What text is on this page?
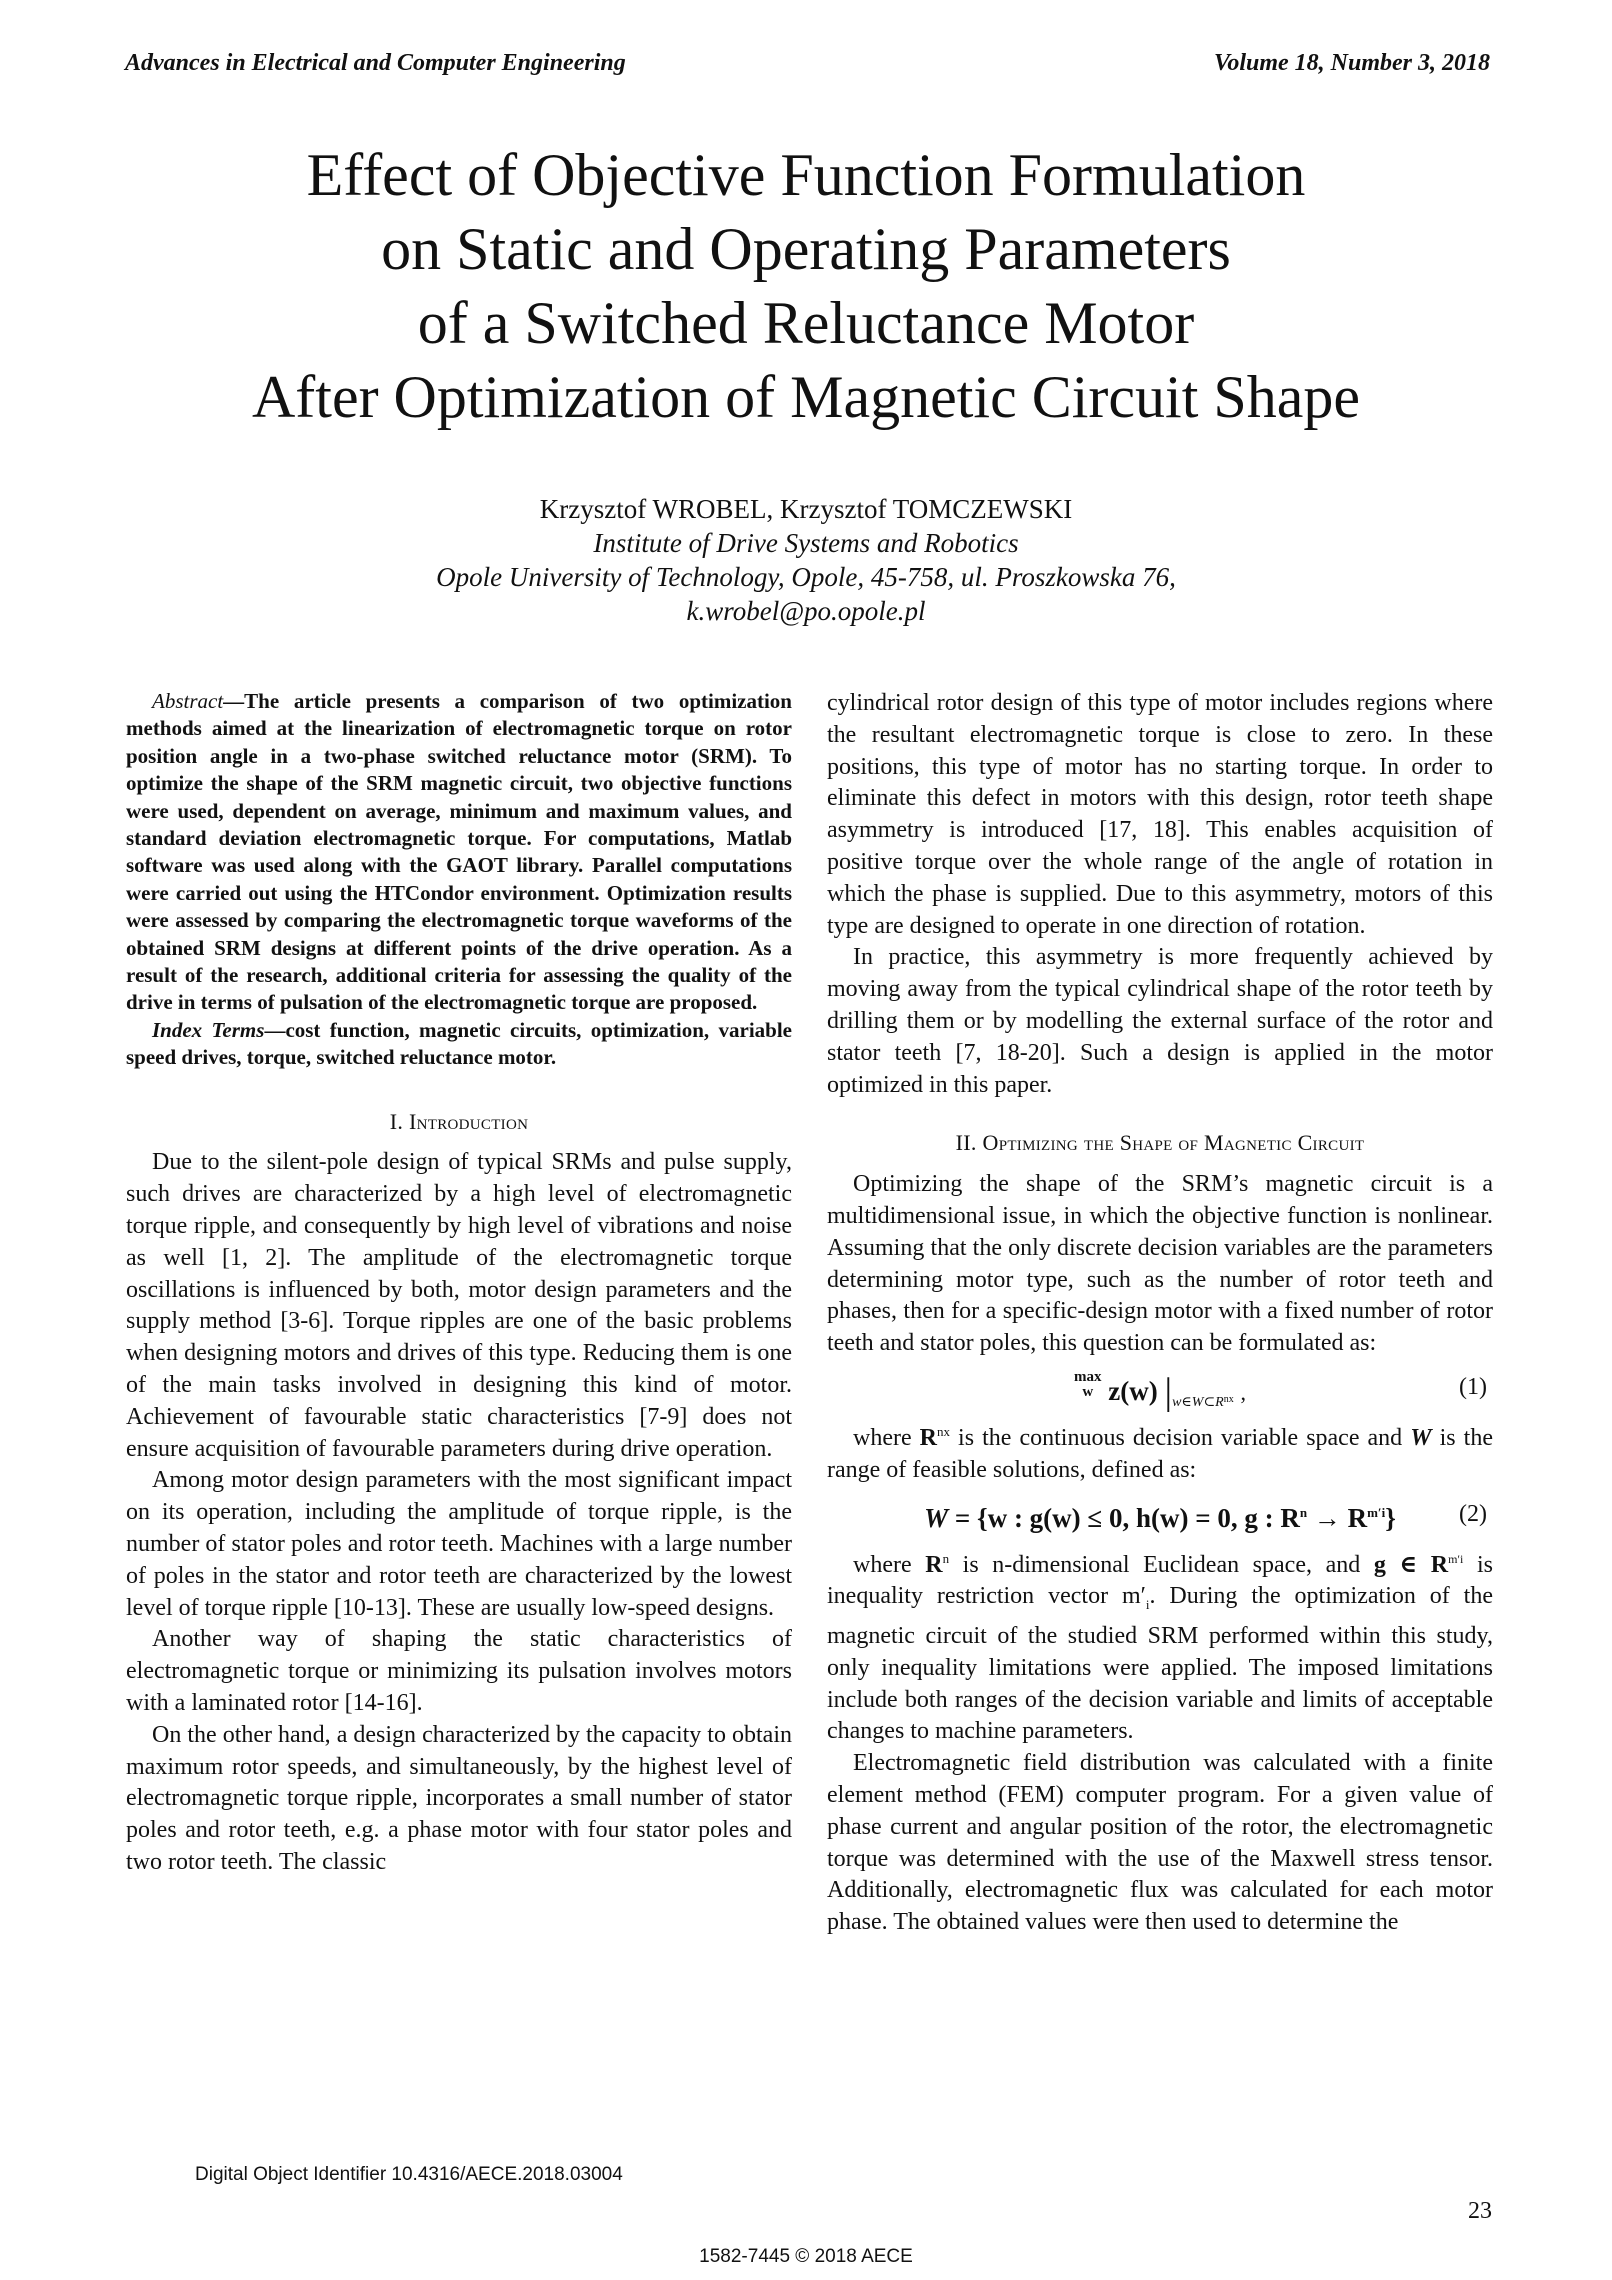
Advances in Electrical and Computer Engineering	Volume 18, Number 3, 2018
Effect of Objective Function Formulation
on Static and Operating Parameters
of a Switched Reluctance Motor
After Optimization of Magnetic Circuit Shape
Krzysztof WROBEL, Krzysztof TOMCZEWSKI
Institute of Drive Systems and Robotics
Opole University of Technology, Opole, 45-758, ul. Proszkowska 76,
k.wrobel@po.opole.pl

Abstract—The article presents a comparison of two optimization methods aimed at the linearization of electromagnetic torque on rotor position angle in a two-phase switched reluctance motor (SRM). To optimize the shape of the SRM magnetic circuit, two objective functions were used, dependent on average, minimum and maximum values, and standard deviation electromagnetic torque. For computations, Matlab software was used along with the GAOT library. Parallel computations were carried out using the HTCondor environment. Optimization results were assessed by comparing the electromagnetic torque waveforms of the obtained SRM designs at different points of the drive operation. As a result of the research, additional criteria for assessing the quality of the drive in terms of pulsation of the electromagnetic torque are proposed.

Index Terms—cost function, magnetic circuits, optimization, variable speed drives, torque, switched reluctance motor.

I. Introduction

Due to the silent-pole design of typical SRMs and pulse supply, such drives are characterized by a high level of electromagnetic torque ripple, and consequently by high level of vibrations and noise as well [1, 2]. The amplitude of the electromagnetic torque oscillations is influenced by both, motor design parameters and the supply method [3-6]. Torque ripples are one of the basic problems when designing motors and drives of this type. Reducing them is one of the main tasks involved in designing this kind of motor. Achievement of favourable static characteristics [7-9] does not ensure acquisition of favourable parameters during drive operation.

Among motor design parameters with the most significant impact on its operation, including the amplitude of torque ripple, is the number of stator poles and rotor teeth. Machines with a large number of poles in the stator and rotor teeth are characterized by the lowest level of torque ripple [10-13]. These are usually low-speed designs.

Another way of shaping the static characteristics of electromagnetic torque or minimizing its pulsation involves motors with a laminated rotor [14-16].

On the other hand, a design characterized by the capacity to obtain maximum rotor speeds, and simultaneously, by the highest level of electromagnetic torque ripple, incorporates a small number of stator poles and rotor teeth, e.g. a phase motor with four stator poles and two rotor teeth. The classic

cylindrical rotor design of this type of motor includes regions where the resultant electromagnetic torque is close to zero. In these positions, this type of motor has no starting torque. In order to eliminate this defect in motors with this design, rotor teeth shape asymmetry is introduced [17, 18]. This enables acquisition of positive torque over the whole range of the angle of rotation in which the phase is supplied. Due to this asymmetry, motors of this type are designed to operate in one direction of rotation.

In practice, this asymmetry is more frequently achieved by moving away from the typical cylindrical shape of the rotor teeth by drilling them or by modelling the external surface of the rotor and stator teeth [7, 18-20]. Such a design is applied in the motor optimized in this paper.

II. Optimizing the Shape of Magnetic Circuit

Optimizing the shape of the SRM’s magnetic circuit is a multidimensional issue, in which the objective function is nonlinear. Assuming that the only discrete decision variables are the parameters determining motor type, such as the number of rotor teeth and phases, then for a specific-design motor with a fixed number of rotor teeth and stator poles, this question can be formulated as:

max
w z(w) $|_{w\in W\subset Rnx}$ ,	(1)

where $R^{nx}$ is the continuous decision variable space and W is the range of feasible solutions, defined as:

W = {w : g(w) ≤ 0, h(w) = 0, g : $R^n \to R^{m'i}$}	(2)

where $R^n$ is n-dimensional Euclidean space, and g ∈ $R^{m'i}$ is inequality restriction vector $m'_i$. During the optimization of the magnetic circuit of the studied SRM performed within this study, only inequality limitations were applied. The imposed limitations include both ranges of the decision variable and limits of acceptable changes to machine parameters.

Electromagnetic field distribution was calculated with a finite element method (FEM) computer program. For a given value of phase current and angular position of the rotor, the electromagnetic torque was determined with the use of the Maxwell stress tensor. Additionally, electromagnetic flux was calculated for each motor phase. The obtained values were then used to determine the

Digital Object Identifier 10.4316/AECE.2018.03004
23
1582-7445 © 2018 AECE
